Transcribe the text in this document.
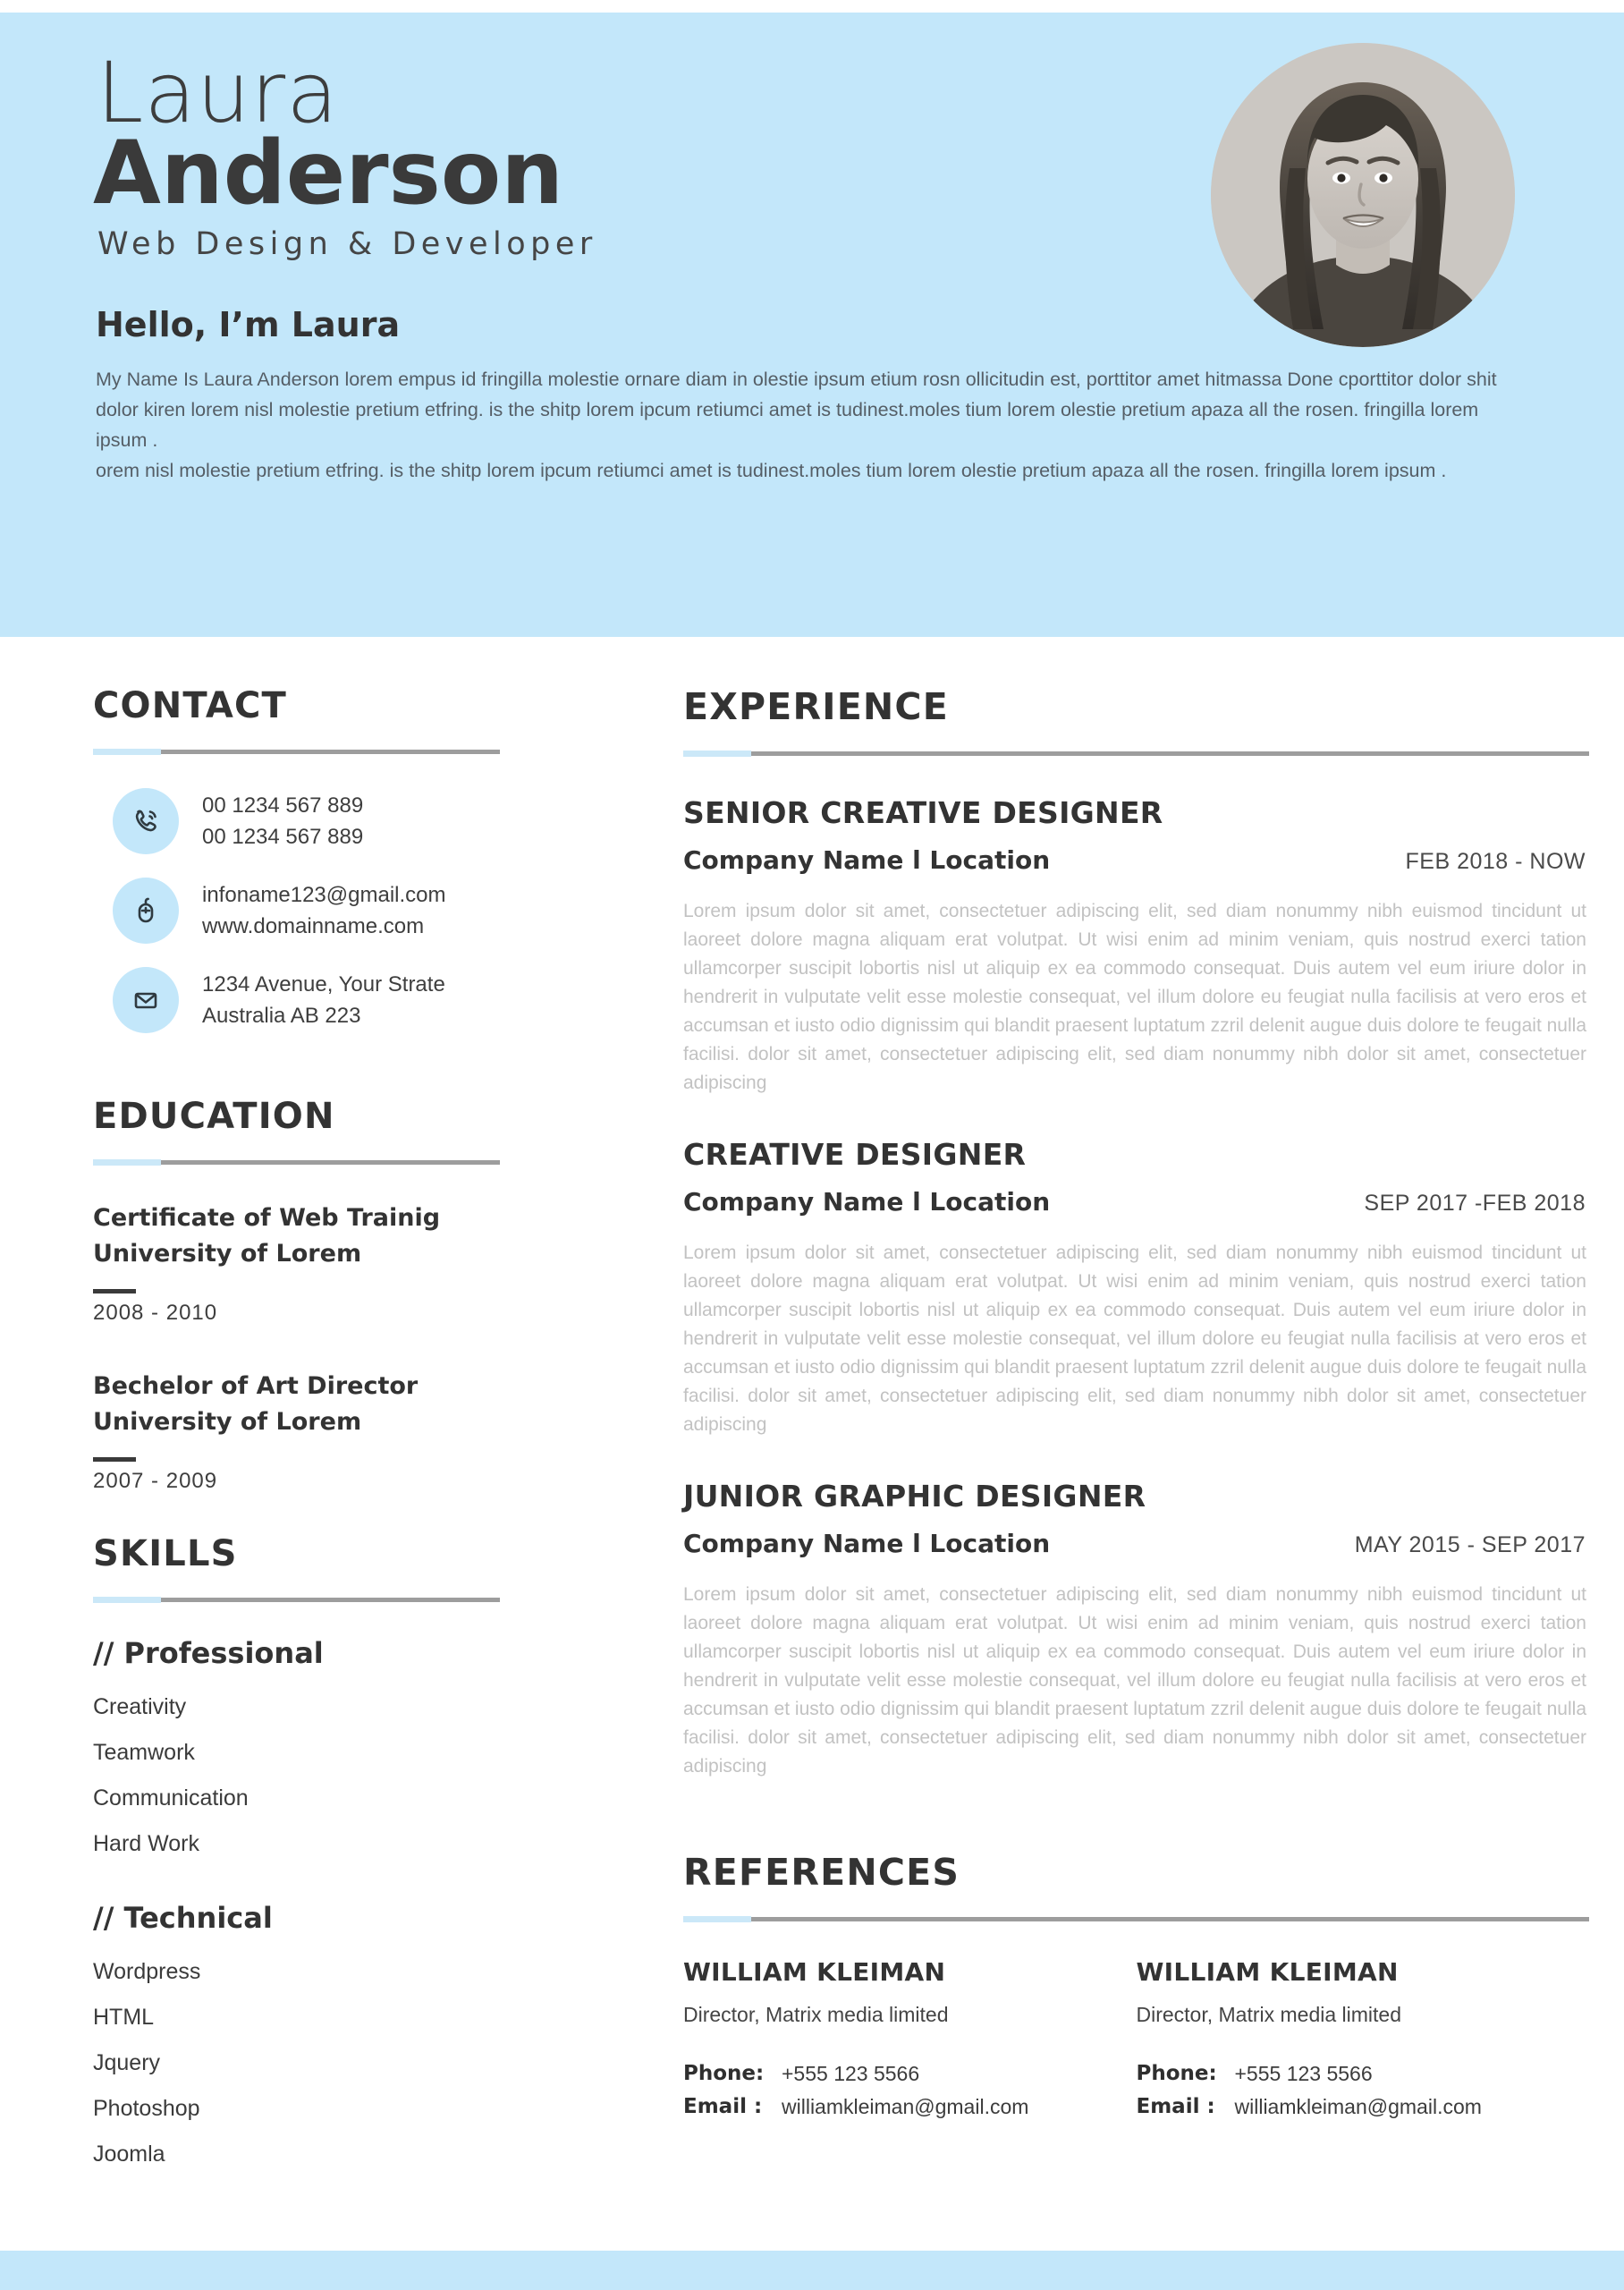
Laura
Anderson
Web Design & Developer
Hello, I’m Laura

My Name Is Laura Anderson lorem empus id fringilla molestie ornare diam in olestie ipsum etium rosn ollicitudin est, porttitor amet hitmassa Done cporttitor dolor shit dolor kiren lorem nisl molestie pretium etfring. is the shitp lorem ipcum retiumci amet is tudinest.moles tium lorem olestie pretium apaza all the rosen. fringilla lorem ipsum .

orem nisl molestie pretium etfring. is the shitp lorem ipcum retiumci amet is tudinest.moles tium lorem olestie pretium apaza all the rosen. fringilla lorem ipsum .

CONTACT
00 1234 567 889
00 1234 567 889
infoname123@gmail.com
www.domainname.com
1234 Avenue, Your Strate
Australia AB 223
EDUCATION
Certificate of Web Trainig
University of Lorem
2008 - 2010
Bechelor of Art Director
University of Lorem
2007 - 2009
SKILLS
// Professional
Creativity
Teamwork
Communication
Hard Work
// Technical
Wordpress
HTML
Jquery
Photoshop
Joomla
EXPERIENCE
SENIOR CREATIVE DESIGNER
Company Name l Location	FEB 2018 - NOW
Lorem ipsum dolor sit amet, consectetuer adipiscing elit, sed diam nonummy nibh euismod tincidunt ut laoreet dolore magna aliquam erat volutpat. Ut wisi enim ad minim veniam, quis nostrud exerci tation ullamcorper suscipit lobortis nisl ut aliquip ex ea commodo consequat. Duis autem vel eum iriure dolor in hendrerit in vulputate velit esse molestie consequat, vel illum dolore eu feugiat nulla facilisis at vero eros et accumsan et iusto odio dignissim qui blandit praesent luptatum zzril delenit augue duis dolore te feugait nulla facilisi. dolor sit amet, consectetuer adipiscing elit, sed diam nonummy nibh dolor sit amet, consectetuer adipiscing
CREATIVE DESIGNER
Company Name l Location	SEP 2017 -FEB 2018
Lorem ipsum dolor sit amet, consectetuer adipiscing elit, sed diam nonummy nibh euismod tincidunt ut laoreet dolore magna aliquam erat volutpat. Ut wisi enim ad minim veniam, quis nostrud exerci tation ullamcorper suscipit lobortis nisl ut aliquip ex ea commodo consequat. Duis autem vel eum iriure dolor in hendrerit in vulputate velit esse molestie consequat, vel illum dolore eu feugiat nulla facilisis at vero eros et accumsan et iusto odio dignissim qui blandit praesent luptatum zzril delenit augue duis dolore te feugait nulla facilisi. dolor sit amet, consectetuer adipiscing elit, sed diam nonummy nibh dolor sit amet, consectetuer adipiscing
JUNIOR GRAPHIC DESIGNER
Company Name l Location	MAY 2015 - SEP 2017
Lorem ipsum dolor sit amet, consectetuer adipiscing elit, sed diam nonummy nibh euismod tincidunt ut laoreet dolore magna aliquam erat volutpat. Ut wisi enim ad minim veniam, quis nostrud exerci tation ullamcorper suscipit lobortis nisl ut aliquip ex ea commodo consequat. Duis autem vel eum iriure dolor in hendrerit in vulputate velit esse molestie consequat, vel illum dolore eu feugiat nulla facilisis at vero eros et accumsan et iusto odio dignissim qui blandit praesent luptatum zzril delenit augue duis dolore te feugait nulla facilisi. dolor sit amet, consectetuer adipiscing elit, sed diam nonummy nibh dolor sit amet, consectetuer adipiscing
REFERENCES
WILLIAM KLEIMAN
Director, Matrix media limited
Phone: +555 123 5566
Email : williamkleiman@gmail.com
WILLIAM KLEIMAN
Director, Matrix media limited
Phone: +555 123 5566
Email : williamkleiman@gmail.com
